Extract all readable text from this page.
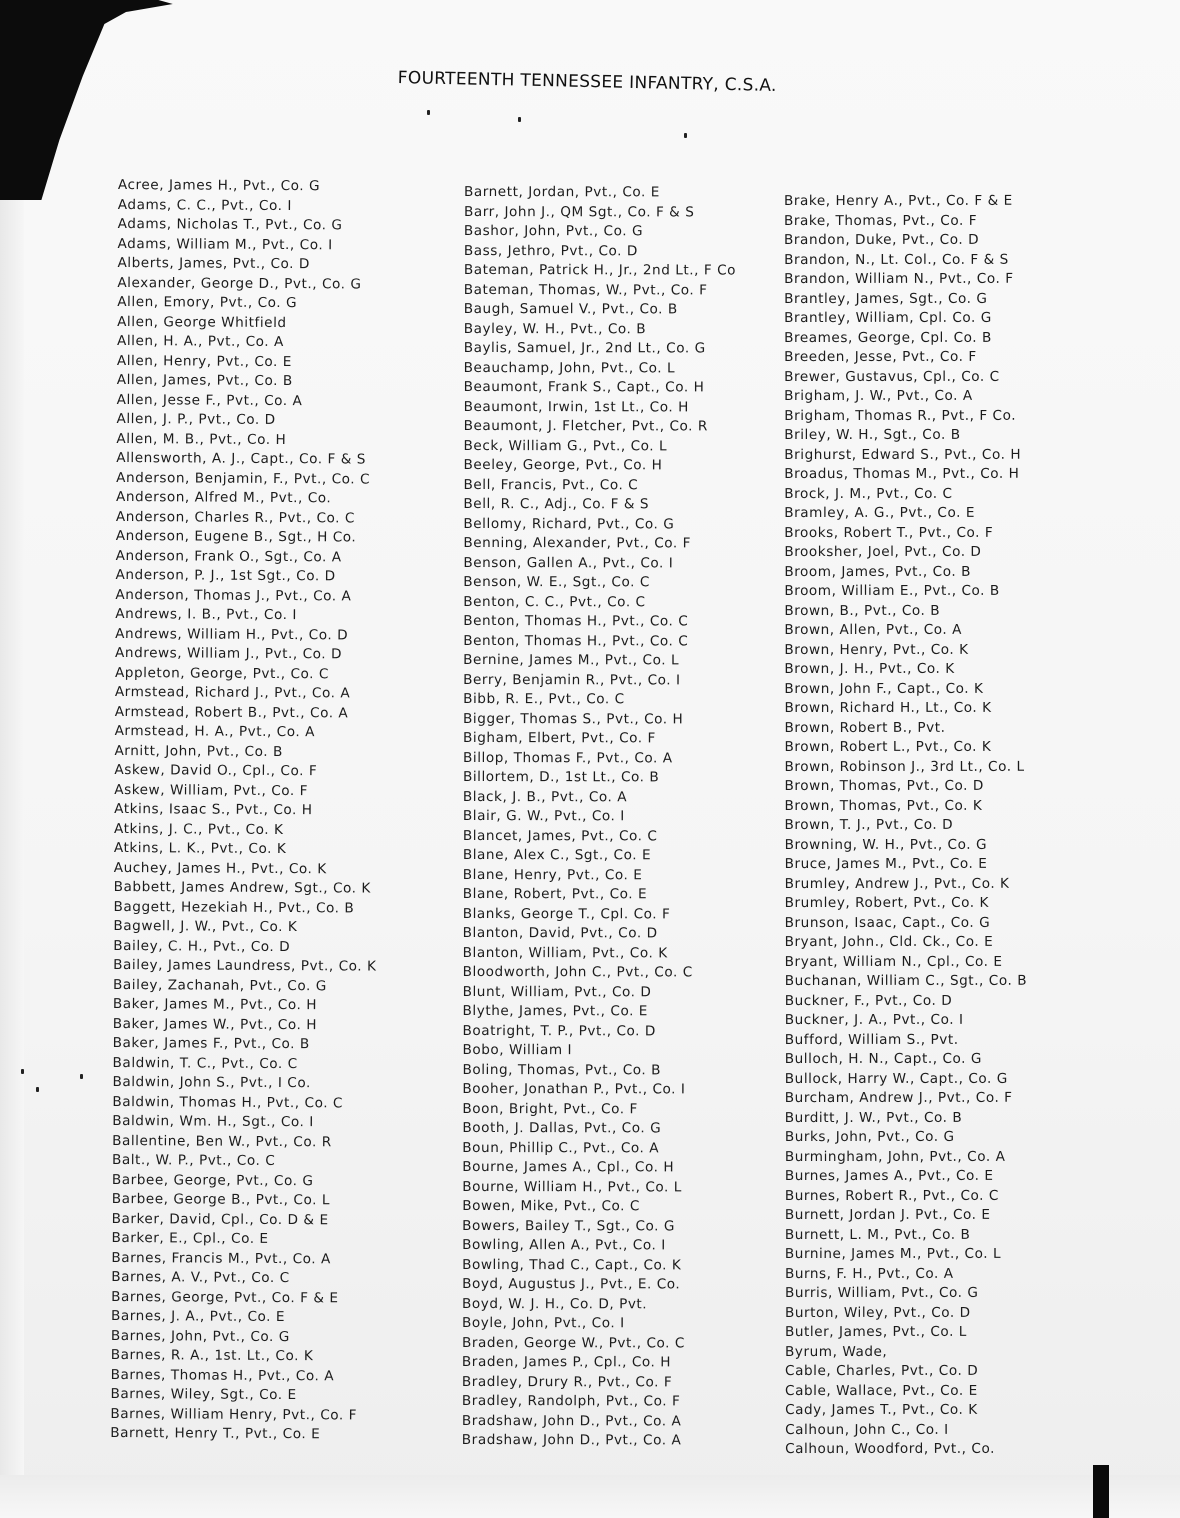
FOURTEENTH TENNESSEE INFANTRY, C.S.A.
Acree, James H., Pvt., Co. G
Adams, C. C., Pvt., Co. I
Adams, Nicholas T., Pvt., Co. G
Adams, William M., Pvt., Co. I
Alberts, James, Pvt., Co. D
Alexander, George D., Pvt., Co. G
Allen, Emory, Pvt., Co. G
Allen, George Whitfield
Allen, H. A., Pvt., Co. A
Allen, Henry, Pvt., Co. E
Allen, James, Pvt., Co. B
Allen, Jesse F., Pvt., Co. A
Allen, J. P., Pvt., Co. D
Allen, M. B., Pvt., Co. H
Allensworth, A. J., Capt., Co. F & S
Anderson, Benjamin, F., Pvt., Co. C
Anderson, Alfred M., Pvt., Co.
Anderson, Charles R., Pvt., Co. C
Anderson, Eugene B., Sgt., H Co.
Anderson, Frank O., Sgt., Co. A
Anderson, P. J., 1st Sgt., Co. D
Anderson, Thomas J., Pvt., Co. A
Andrews, I. B., Pvt., Co. I
Andrews, William H., Pvt., Co. D
Andrews, William J., Pvt., Co. D
Appleton, George, Pvt., Co. C
Armstead, Richard J., Pvt., Co. A
Armstead, Robert B., Pvt., Co. A
Armstead, H. A., Pvt., Co. A
Arnitt, John, Pvt., Co. B
Askew, David O., Cpl., Co. F
Askew, William, Pvt., Co. F
Atkins, Isaac S., Pvt., Co. H
Atkins, J. C., Pvt., Co. K
Atkins, L. K., Pvt., Co. K
Auchey, James H., Pvt., Co. K
Babbett, James Andrew, Sgt., Co. K
Baggett, Hezekiah H., Pvt., Co. B
Bagwell, J. W., Pvt., Co. K
Bailey, C. H., Pvt., Co. D
Bailey, James Laundress, Pvt., Co. K
Bailey, Zachanah, Pvt., Co. G
Baker, James M., Pvt., Co. H
Baker, James W., Pvt., Co. H
Baker, James F., Pvt., Co. B
Baldwin, T. C., Pvt., Co. C
Baldwin, John S., Pvt., I Co.
Baldwin, Thomas H., Pvt., Co. C
Baldwin, Wm. H., Sgt., Co. I
Ballentine, Ben W., Pvt., Co. R
Balt., W. P., Pvt., Co. C
Barbee, George, Pvt., Co. G
Barbee, George B., Pvt., Co. L
Barker, David, Cpl., Co. D & E
Barker, E., Cpl., Co. E
Barnes, Francis M., Pvt., Co. A
Barnes, A. V., Pvt., Co. C
Barnes, George, Pvt., Co. F & E
Barnes, J. A., Pvt., Co. E
Barnes, John, Pvt., Co. G
Barnes, R. A., 1st. Lt., Co. K
Barnes, Thomas H., Pvt., Co. A
Barnes, Wiley, Sgt., Co. E
Barnes, William Henry, Pvt., Co. F
Barnett, Henry T., Pvt., Co. E
Barnett, Jordan, Pvt., Co. E
Barr, John J., QM Sgt., Co. F & S
Bashor, John, Pvt., Co. G
Bass, Jethro, Pvt., Co. D
Bateman, Patrick H., Jr., 2nd Lt., F Co
Bateman, Thomas, W., Pvt., Co. F
Baugh, Samuel V., Pvt., Co. B
Bayley, W. H., Pvt., Co. B
Baylis, Samuel, Jr., 2nd Lt., Co. G
Beauchamp, John, Pvt., Co. L
Beaumont, Frank S., Capt., Co. H
Beaumont, Irwin, 1st Lt., Co. H
Beaumont, J. Fletcher, Pvt., Co. R
Beck, William G., Pvt., Co. L
Beeley, George, Pvt., Co. H
Bell, Francis, Pvt., Co. C
Bell, R. C., Adj., Co. F & S
Bellomy, Richard, Pvt., Co. G
Benning, Alexander, Pvt., Co. F
Benson, Gallen A., Pvt., Co. I
Benson, W. E., Sgt., Co. C
Benton, C. C., Pvt., Co. C
Benton, Thomas H., Pvt., Co. C
Benton, Thomas H., Pvt., Co. C
Bernine, James M., Pvt., Co. L
Berry, Benjamin R., Pvt., Co. I
Bibb, R. E., Pvt., Co. C
Bigger, Thomas S., Pvt., Co. H
Bigham, Elbert, Pvt., Co. F
Billop, Thomas F., Pvt., Co. A
Billortem, D., 1st Lt., Co. B
Black, J. B., Pvt., Co. A
Blair, G. W., Pvt., Co. I
Blancet, James, Pvt., Co. C
Blane, Alex C., Sgt., Co. E
Blane, Henry, Pvt., Co. E
Blane, Robert, Pvt., Co. E
Blanks, George T., Cpl. Co. F
Blanton, David, Pvt., Co. D
Blanton, William, Pvt., Co. K
Bloodworth, John C., Pvt., Co. C
Blunt, William, Pvt., Co. D
Blythe, James, Pvt., Co. E
Boatright, T. P., Pvt., Co. D
Bobo, William I
Boling, Thomas, Pvt., Co. B
Booher, Jonathan P., Pvt., Co. I
Boon, Bright, Pvt., Co. F
Booth, J. Dallas, Pvt., Co. G
Boun, Phillip C., Pvt., Co. A
Bourne, James A., Cpl., Co. H
Bourne, William H., Pvt., Co. L
Bowen, Mike, Pvt., Co. C
Bowers, Bailey T., Sgt., Co. G
Bowling, Allen A., Pvt., Co. I
Bowling, Thad C., Capt., Co. K
Boyd, Augustus J., Pvt., E. Co.
Boyd, W. J. H., Co. D, Pvt.
Boyle, John, Pvt., Co. I
Braden, George W., Pvt., Co. C
Braden, James P., Cpl., Co. H
Bradley, Drury R., Pvt., Co. F
Bradley, Randolph, Pvt., Co. F
Bradshaw, John D., Pvt., Co. A
Bradshaw, John D., Pvt., Co. A
Brake, Henry A., Pvt., Co. F & E
Brake, Thomas, Pvt., Co. F
Brandon, Duke, Pvt., Co. D
Brandon, N., Lt. Col., Co. F & S
Brandon, William N., Pvt., Co. F
Brantley, James, Sgt., Co. G
Brantley, William, Cpl. Co. G
Breames, George, Cpl. Co. B
Breeden, Jesse, Pvt., Co. F
Brewer, Gustavus, Cpl., Co. C
Brigham, J. W., Pvt., Co. A
Brigham, Thomas R., Pvt., F Co.
Briley, W. H., Sgt., Co. B
Brighurst, Edward S., Pvt., Co. H
Broadus, Thomas M., Pvt., Co. H
Brock, J. M., Pvt., Co. C
Bramley, A. G., Pvt., Co. E
Brooks, Robert T., Pvt., Co. F
Brooksher, Joel, Pvt., Co. D
Broom, James, Pvt., Co. B
Broom, William E., Pvt., Co. B
Brown, B., Pvt., Co. B
Brown, Allen, Pvt., Co. A
Brown, Henry, Pvt., Co. K
Brown, J. H., Pvt., Co. K
Brown, John F., Capt., Co. K
Brown, Richard H., Lt., Co. K
Brown, Robert B., Pvt.
Brown, Robert L., Pvt., Co. K
Brown, Robinson J., 3rd Lt., Co. L
Brown, Thomas, Pvt., Co. D
Brown, Thomas, Pvt., Co. K
Brown, T. J., Pvt., Co. D
Browning, W. H., Pvt., Co. G
Bruce, James M., Pvt., Co. E
Brumley, Andrew J., Pvt., Co. K
Brumley, Robert, Pvt., Co. K
Brunson, Isaac, Capt., Co. G
Bryant, John., Cld. Ck., Co. E
Bryant, William N., Cpl., Co. E
Buchanan, William C., Sgt., Co. B
Buckner, F., Pvt., Co. D
Buckner, J. A., Pvt., Co. I
Bufford, William S., Pvt.
Bulloch, H. N., Capt., Co. G
Bullock, Harry W., Capt., Co. G
Burcham, Andrew J., Pvt., Co. F
Burditt, J. W., Pvt., Co. B
Burks, John, Pvt., Co. G
Burmingham, John, Pvt., Co. A
Burnes, James A., Pvt., Co. E
Burnes, Robert R., Pvt., Co. C
Burnett, Jordan J. Pvt., Co. E
Burnett, L. M., Pvt., Co. B
Burnine, James M., Pvt., Co. L
Burns, F. H., Pvt., Co. A
Burris, William, Pvt., Co. G
Burton, Wiley, Pvt., Co. D
Butler, James, Pvt., Co. L
Byrum, Wade,
Cable, Charles, Pvt., Co. D
Cable, Wallace, Pvt., Co. E
Cady, James T., Pvt., Co. K
Calhoun, John C., Co. I
Calhoun, Woodford, Pvt., Co.
